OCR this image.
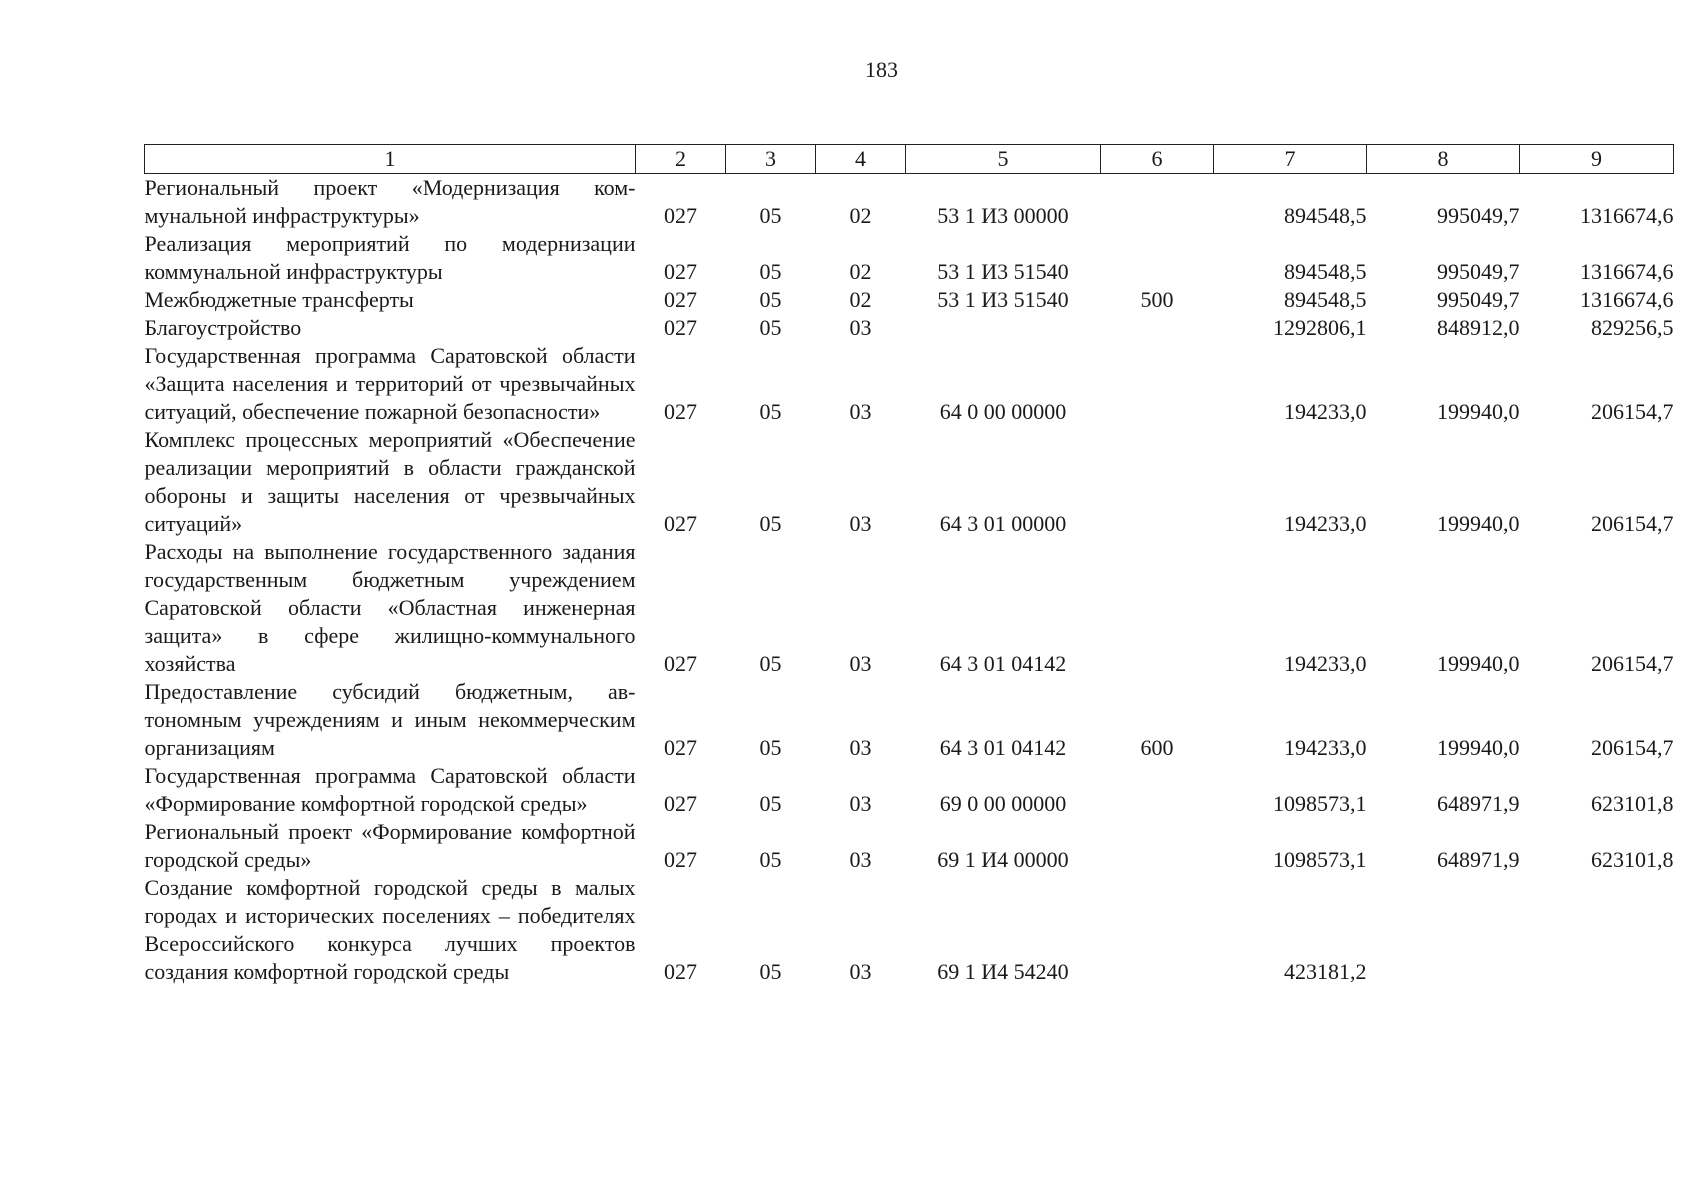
183
1	2	3	4	5	6	7	8	9
Региональный проект «Модернизация коммунальной инфраструктуры»	027	05	02	53 1 И3 00000		894548,5	995049,7	1316674,6
Реализация мероприятий по модернизации коммунальной инфраструктуры	027	05	02	53 1 И3 51540		894548,5	995049,7	1316674,6
Межбюджетные трансферты	027	05	02	53 1 И3 51540	500	894548,5	995049,7	1316674,6
Благоустройство	027	05	03			1292806,1	848912,0	829256,5
Государственная программа Саратовской области «Защита населения и территорий от чрезвычайных ситуаций, обеспечение пожарной безопасности»	027	05	03	64 0 00 00000		194233,0	199940,0	206154,7
Комплекс процессных мероприятий «Обеспечение реализации мероприятий в области гражданской обороны и защиты населения от чрезвычайных ситуаций»	027	05	03	64 3 01 00000		194233,0	199940,0	206154,7
Расходы на выполнение государственного задания государственным бюджетным учреждением Саратовской области «Областная инженерная защита» в сфере жилищно-коммунального хозяйства	027	05	03	64 3 01 04142		194233,0	199940,0	206154,7
Предоставление субсидий бюджетным, автономным учреждениям и иным некоммерческим организациям	027	05	03	64 3 01 04142	600	194233,0	199940,0	206154,7
Государственная программа Саратовской области «Формирование комфортной городской среды»	027	05	03	69 0 00 00000		1098573,1	648971,9	623101,8
Региональный проект «Формирование комфортной городской среды»	027	05	03	69 1 И4 00000		1098573,1	648971,9	623101,8
Создание комфортной городской среды в малых городах и исторических поселениях – победителях Всероссийского конкурса лучших проектов создания комфортной городской среды	027	05	03	69 1 И4 54240		423181,2		
